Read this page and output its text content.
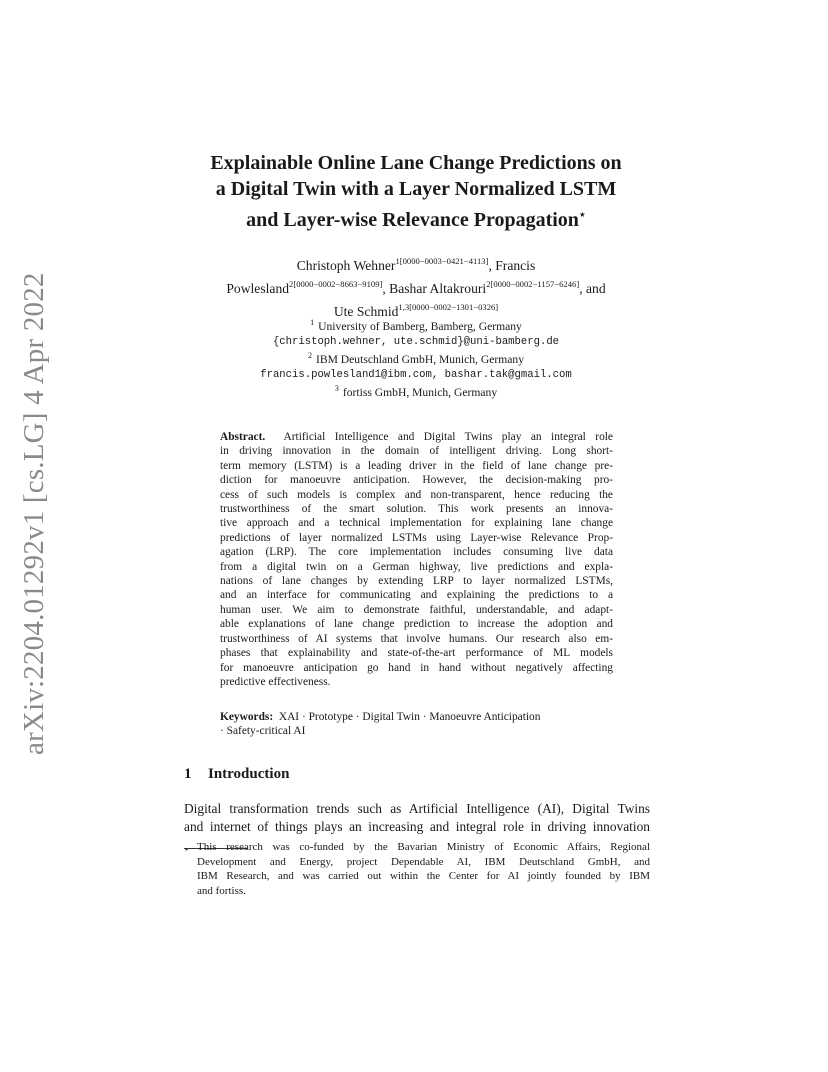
arXiv:2204.01292v1 [cs.LG] 4 Apr 2022
Explainable Online Lane Change Predictions on
a Digital Twin with a Layer Normalized LSTM
and Layer-wise Relevance Propagation⋆
Christoph Wehner$^{1[0000-0003-0421-4113]}$, Francis
Powlesland$^{2[0000-0002-8663-9109]}$, Bashar Altakrouri$^{2[0000-0002-1157-6246]}$, and
Ute Schmid$^{1,3[0000-0002-1301-0326]}$
$^1$ University of Bamberg, Bamberg, Germany
{christoph.wehner, ute.schmid}@uni-bamberg.de
$^2$ IBM Deutschland GmbH, Munich, Germany
francis.powlesland1@ibm.com, bashar.tak@gmail.com
$^3$ fortiss GmbH, Munich, Germany
Abstract. Artificial Intelligence and Digital Twins play an integral role
in driving innovation in the domain of intelligent driving. Long short-
term memory (LSTM) is a leading driver in the field of lane change pre-
diction for manoeuvre anticipation. However, the decision-making pro-
cess of such models is complex and non-transparent, hence reducing the
trustworthiness of the smart solution. This work presents an innova-
tive approach and a technical implementation for explaining lane change
predictions of layer normalized LSTMs using Layer-wise Relevance Prop-
agation (LRP). The core implementation includes consuming live data
from a digital twin on a German highway, live predictions and expla-
nations of lane changes by extending LRP to layer normalized LSTMs,
and an interface for communicating and explaining the predictions to a
human user. We aim to demonstrate faithful, understandable, and adapt-
able explanations of lane change prediction to increase the adoption and
trustworthiness of AI systems that involve humans. Our research also em-
phases that explainability and state-of-the-art performance of ML models
for manoeuvre anticipation go hand in hand without negatively affecting
predictive effectiveness.
Keywords: XAI · Prototype · Digital Twin · Manoeuvre Anticipation
· Safety-critical AI
1 Introduction
Digital transformation trends such as Artificial Intelligence (AI), Digital Twins
and internet of things plays an increasing and integral role in driving innovation
⋆ This research was co-funded by the Bavarian Ministry of Economic Affairs, Regional
Development and Energy, project Dependable AI, IBM Deutschland GmbH, and
IBM Research, and was carried out within the Center for AI jointly founded by IBM
and fortiss.
